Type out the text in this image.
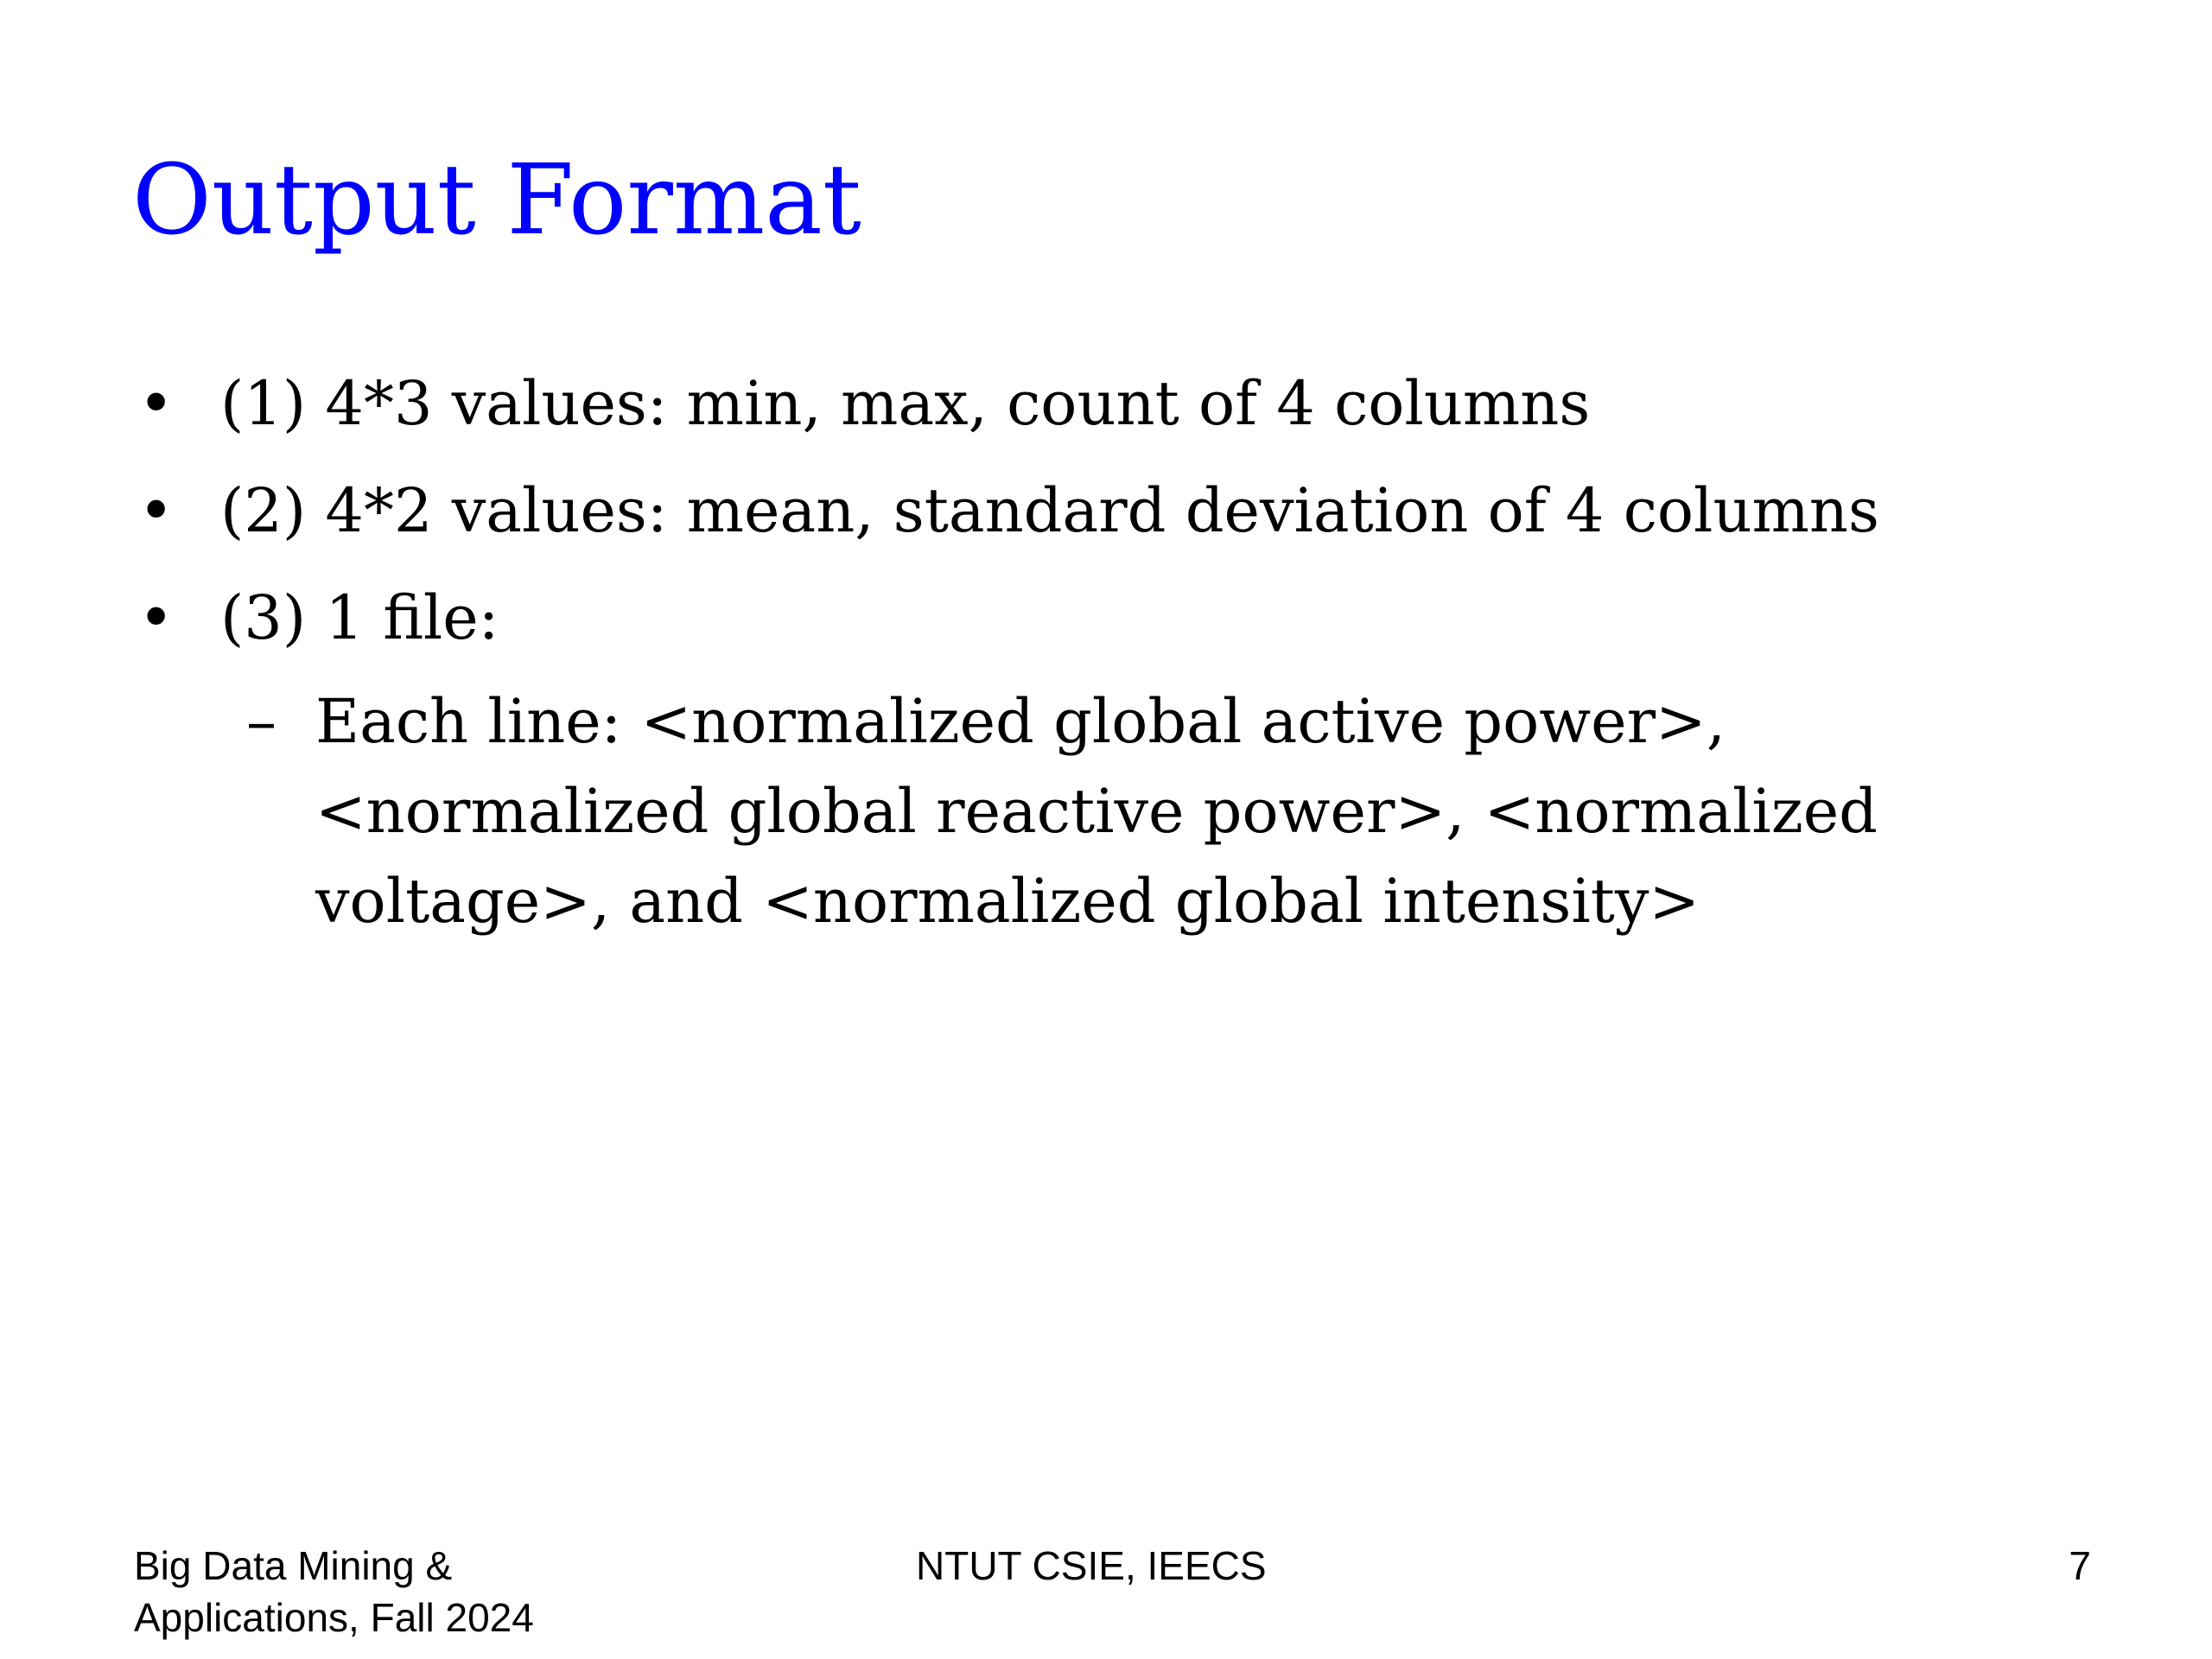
Output Format
• (1) 4*3 values: min, max, count of 4 columns
• (2) 4*2 values: mean, standard deviation of 4 columns
• (3) 1 file:
– Each line: <normalized global active power>, <normalized global reactive power>, <normalized voltage>, and <normalized global intensity>
Big Data Mining &
Applications, Fall 2024
NTUT CSIE, IEECS	7
